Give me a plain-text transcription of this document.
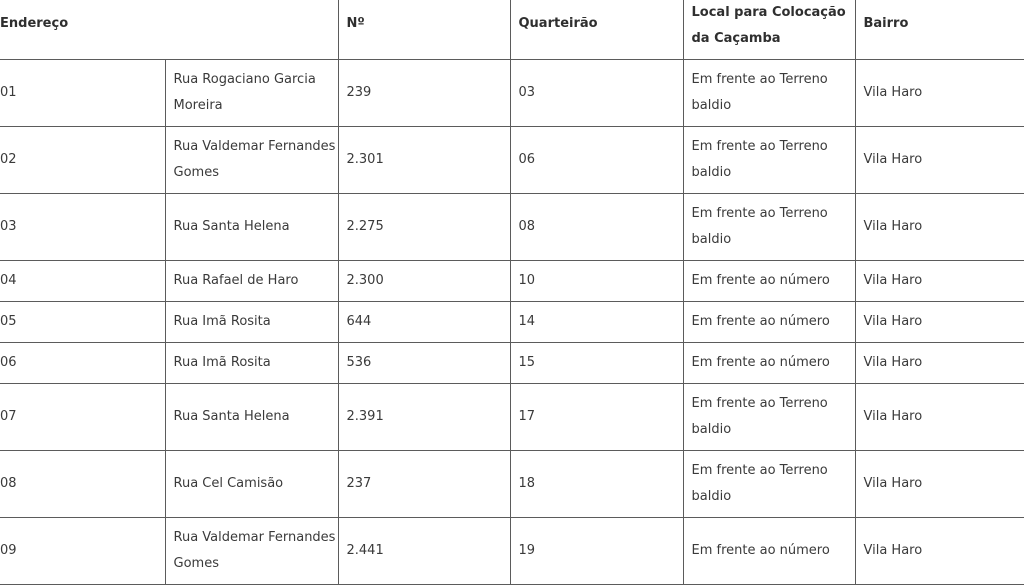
Endereço		Nº	Quarteirão	Local para Colocação da Caçamba	Bairro

01	Rua Rogaciano Garcia Moreira	239	03	Em frente ao Terreno baldio	Vila Haro
02	Rua Valdemar Fernandes Gomes	2.301	06	Em frente ao Terreno baldio	Vila Haro
03	Rua Santa Helena	2.275	08	Em frente ao Terreno baldio	Vila Haro
04	Rua Rafael de Haro	2.300	10	Em frente ao número	Vila Haro
05	Rua Imã Rosita	644	14	Em frente ao número	Vila Haro
06	Rua Imã Rosita	536	15	Em frente ao número	Vila Haro
07	Rua Santa Helena	2.391	17	Em frente ao Terreno baldio	Vila Haro
08	Rua Cel Camisão	237	18	Em frente ao Terreno baldio	Vila Haro
09	Rua Valdemar Fernandes Gomes	2.441	19	Em frente ao número	Vila Haro
